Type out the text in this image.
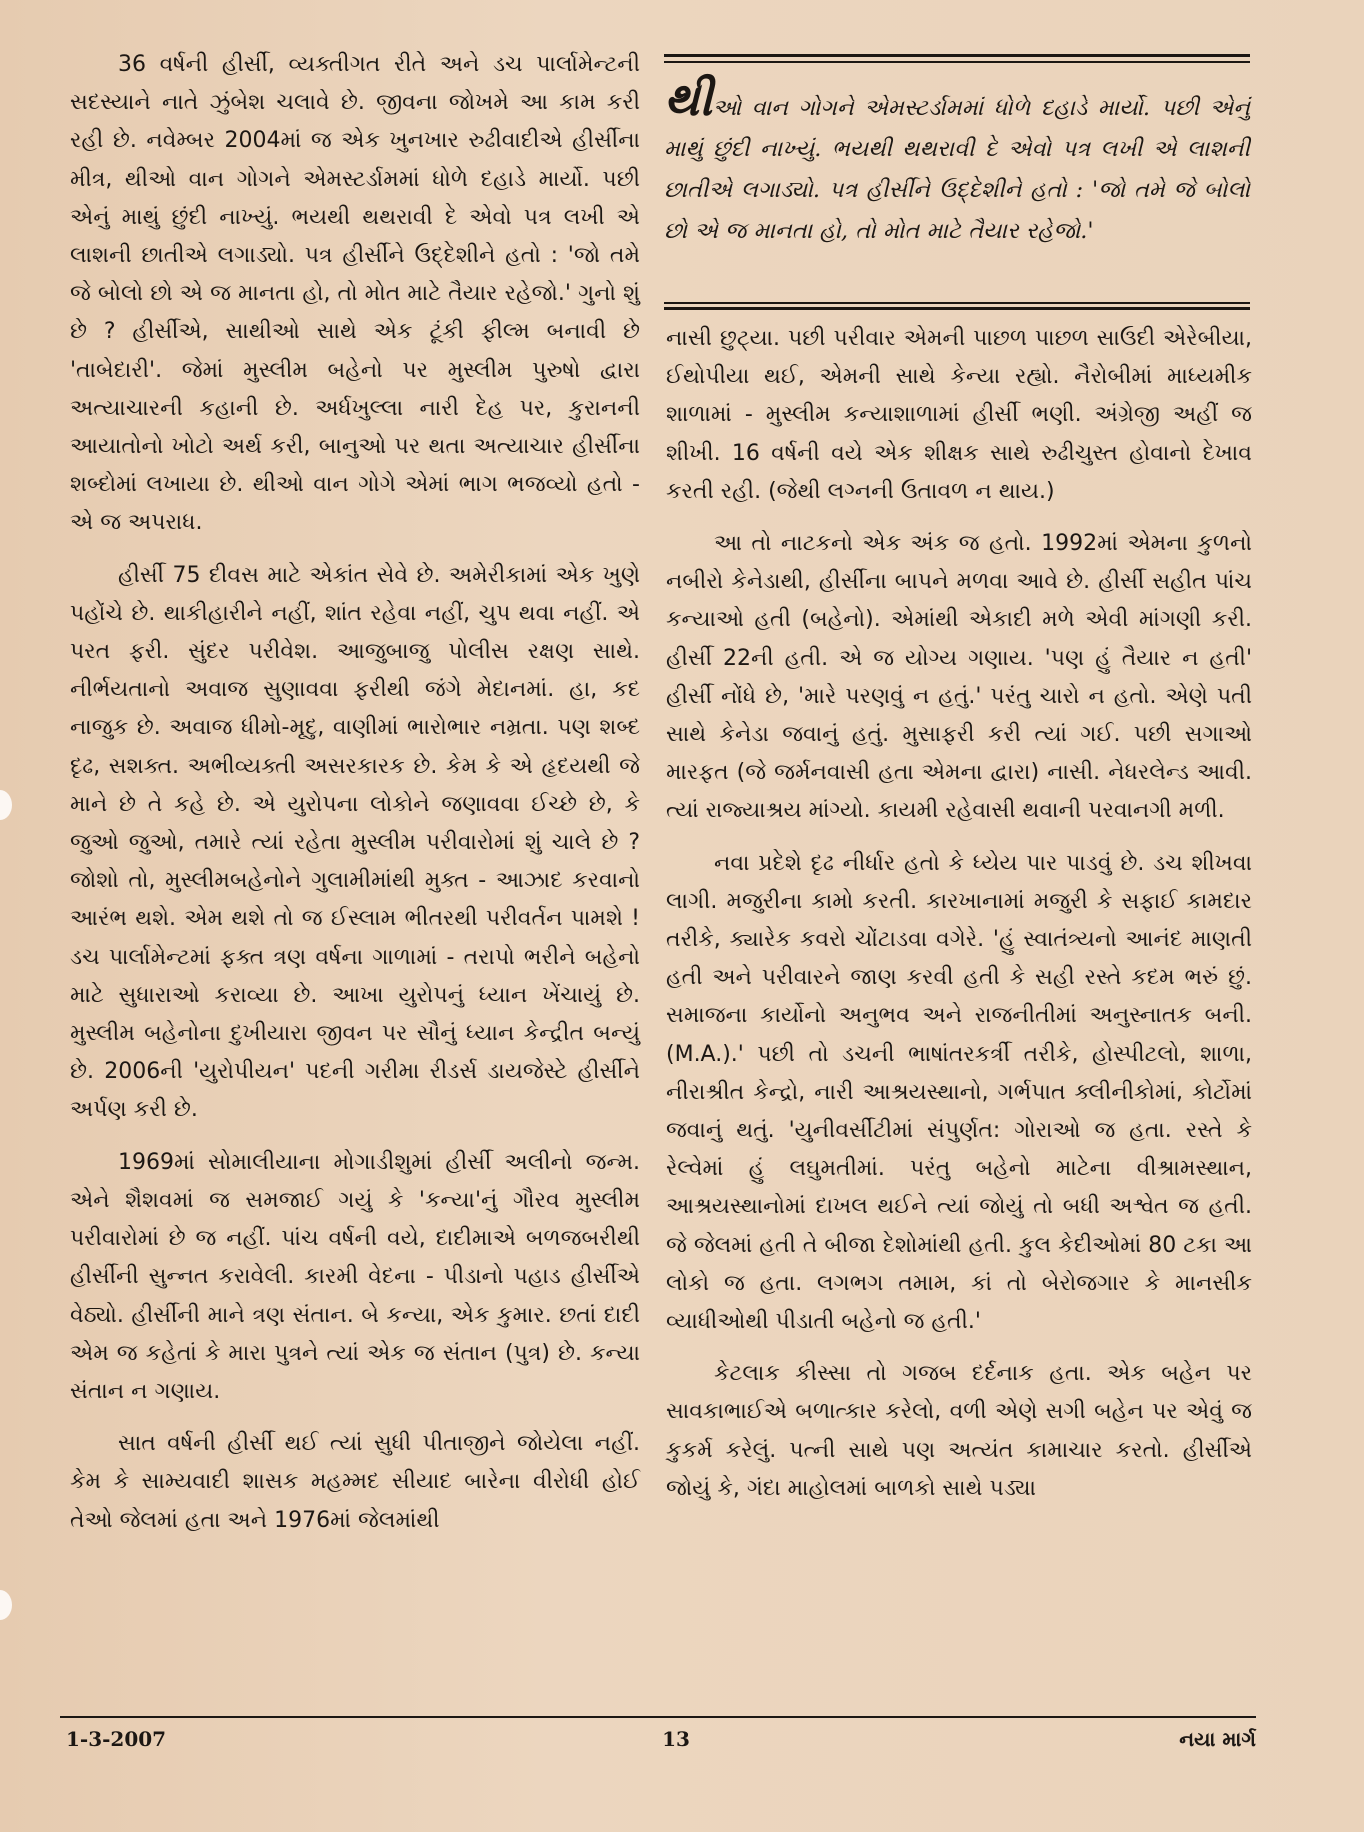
36 વર્ષની હીર્સી, વ્યક્તીગત રીતે અને ડચ પાર્લામેન્ટની સદસ્યાને નાતે ઝુંબેશ ચલાવે છે. જીવના જોખમે આ કામ કરી રહી છે. નવેમ્બર 2004માં જ એક ખુનખાર રુઢીવાદીએ હીર્સીના મીત્ર, થીઓ વાન ગોગને એમસ્ટર્ડામમાં ધોળે દહાડે માર્યો. પછી એનું માથું છુંદી નાખ્યું. ભયથી થથરાવી દે એવો પત્ર લખી એ લાશની છાતીએ લગાડ્યો. પત્ર હીર્સીને ઉદ્દેશીને હતો : 'જો તમે જે બોલો છો એ જ માનતા હો, તો મોત માટે તૈયાર રહેજો.' ગુનો શું છે ? હીર્સીએ, સાથીઓ સાથે એક ટૂંકી ફીલ્મ બનાવી છે 'તાબેદારી'. જેમાં મુસ્લીમ બહેનો પર મુસ્લીમ પુરુષો દ્વારા અત્યાચારની કહાની છે. અર્ધખુલ્લા નારી દેહ પર, કુરાનની આયાતોનો ખોટો અર્થ કરી, બાનુઓ પર થતા અત્યાચાર હીર્સીના શબ્દોમાં લખાયા છે. થીઓ વાન ગોગે એમાં ભાગ ભજવ્યો હતો - એ જ અપરાધ.

હીર્સી 75 દીવસ માટે એકાંત સેવે છે. અમેરીકામાં એક ખુણે પહોંચે છે. થાકીહારીને નહીં, શાંત રહેવા નહીં, ચુપ થવા નહીં. એ પરત ફરી. સુંદર પરીવેશ. આજુબાજુ પોલીસ રક્ષણ સાથે. નીર્ભયતાનો અવાજ સુણાવવા ફરીથી જંગે મેદાનમાં. હા, કદ નાજુક છે. અવાજ ધીમો-મૃદુ, વાણીમાં ભારોભાર નમ્રતા. પણ શબ્દ દૃઢ, સશક્ત. અભીવ્યક્તી અસરકારક છે. કેમ કે એ હૃદયથી જે માને છે તે કહે છે. એ યુરોપના લોકોને જણાવવા ઈચ્છે છે, કે જુઓ જુઓ, તમારે ત્યાં રહેતા મુસ્લીમ પરીવારોમાં શું ચાલે છે ? જોશો તો, મુસ્લીમબહેનોને ગુલામીમાંથી મુક્ત - આઝાદ કરવાનો આરંભ થશે. એમ થશે તો જ ઈસ્લામ ભીતરથી પરીવર્તન પામશે ! ડચ પાર્લામેન્ટમાં ફક્ત ત્રણ વર્ષના ગાળામાં - તરાપો ભરીને બહેનો માટે સુધારાઓ કરાવ્યા છે. આખા યુરોપનું ધ્યાન ખેંચાયું છે. મુસ્લીમ બહેનોના દુખીયારા જીવન પર સૌનું ધ્યાન કેન્દ્રીત બન્યું છે. 2006ની 'યુરોપીયન' પદની ગરીમા રીડર્સ ડાયજેસ્ટે હીર્સીને અર્પણ કરી છે.

1969માં સોમાલીયાના મોગાડીશુમાં હીર્સી અલીનો જન્મ. એને શૈશવમાં જ સમજાઈ ગયું કે 'કન્યા'નું ગૌરવ મુસ્લીમ પરીવારોમાં છે જ નહીં. પાંચ વર્ષની વયે, દાદીમાએ બળજબરીથી હીર્સીની સુન્નત કરાવેલી. કારમી વેદના - પીડાનો પહાડ હીર્સીએ વેઠ્યો. હીર્સીની માને ત્રણ સંતાન. બે કન્યા, એક કુમાર. છતાં દાદી એમ જ કહેતાં કે મારા પુત્રને ત્યાં એક જ સંતાન (પુત્ર) છે. કન્યા સંતાન ન ગણાય.

સાત વર્ષની હીર્સી થઈ ત્યાં સુધી પીતાજીને જોયેલા નહીં. કેમ કે સામ્યવાદી શાસક મહમ્મદ સીયાદ બારેના વીરોધી હોઈ તેઓ જેલમાં હતા અને 1976માં જેલમાંથી

થીઓ વાન ગોગને એમસ્ટર્ડામમાં ધોળે દહાડે માર્યો. પછી એનું માથું છુંદી નાખ્યું. ભયથી થથરાવી દે એવો પત્ર લખી એ લાશની છાતીએ લગાડ્યો. પત્ર હીર્સીને ઉદ્દેશીને હતો : 'જો તમે જે બોલો છો એ જ માનતા હો, તો મોત માટે તૈયાર રહેજો.'

નાસી છુટ્યા. પછી પરીવાર એમની પાછળ પાછળ સાઉદી એરેબીયા, ઈથોપીયા થઈ, એમની સાથે કેન્યા રહ્યો. નૈરોબીમાં માધ્યમીક શાળામાં - મુસ્લીમ કન્યાશાળામાં હીર્સી ભણી. અંગ્રેજી અહીં જ શીખી. 16 વર્ષની વયે એક શીક્ષક સાથે રુઢીચુસ્ત હોવાનો દેખાવ કરતી રહી. (જેથી લગ્નની ઉતાવળ ન થાય.)

આ તો નાટકનો એક અંક જ હતો. 1992માં એમના કુળનો નબીરો કેનેડાથી, હીર્સીના બાપને મળવા આવે છે. હીર્સી સહીત પાંચ કન્યાઓ હતી (બહેનો). એમાંથી એકાદી મળે એવી માંગણી કરી. હીર્સી 22ની હતી. એ જ યોગ્ય ગણાય. 'પણ હું તૈયાર ન હતી' હીર્સી નોંધે છે, 'મારે પરણવું ન હતું.' પરંતુ ચારો ન હતો. એણે પતી સાથે કેનેડા જવાનું હતું. મુસાફરી કરી ત્યાં ગઈ. પછી સગાઓ મારફત (જે જર્મનવાસી હતા એમના દ્વારા) નાસી. નેધરલેન્ડ આવી. ત્યાં રાજ્યાશ્રય માંગ્યો. કાયમી રહેવાસી થવાની પરવાનગી મળી.

નવા પ્રદેશે દૃઢ નીર્ધાર હતો કે ધ્યેય પાર પાડવું છે. ડચ શીખવા લાગી. મજુરીના કામો કરતી. કારખાનામાં મજુરી કે સફાઈ કામદાર તરીકે, ક્યારેક કવરો ચોંટાડવા વગેરે. 'હું સ્વાતંત્ર્યનો આનંદ માણતી હતી અને પરીવારને જાણ કરવી હતી કે સહી રસ્તે કદમ ભરું છું. સમાજના કાર્યોનો અનુભવ અને રાજનીતીમાં અનુસ્નાતક બની. (M.A.).' પછી તો ડચની ભાષાંતરકર્ત્રી તરીકે, હોસ્પીટલો, શાળા, નીરાશ્રીત કેન્દ્રો, નારી આશ્રયસ્થાનો, ગર્ભપાત ક્લીનીકોમાં, કોર્ટોમાં જવાનું થતું. 'યુનીવર્સીટીમાં સંપુર્ણત: ગોરાઓ જ હતા. રસ્તે કે રેલ્વેમાં હું લઘુમતીમાં. પરંતુ બહેનો માટેના વીશ્રામસ્થાન, આશ્રયસ્થાનોમાં દાખલ થઈને ત્યાં જોયું તો બધી અશ્વેત જ હતી. જે જેલમાં હતી તે બીજા દેશોમાંથી હતી. કુલ કેદીઓમાં 80 ટકા આ લોકો જ હતા. લગભગ તમામ, કાં તો બેરોજગાર કે માનસીક વ્યાધીઓથી પીડાતી બહેનો જ હતી.'

કેટલાક કીસ્સા તો ગજબ દર્દનાક હતા. એક બહેન પર સાવકાભાઈએ બળાત્કાર કરેલો, વળી એણે સગી બહેન પર એવું જ કુકર્મ કરેલું. પત્ની સાથે પણ અત્યંત કામાચાર કરતો. હીર્સીએ જોયું કે, ગંદા માહોલમાં બાળકો સાથે પડ્યા

1-3-2007	13	નયા માર્ગ
